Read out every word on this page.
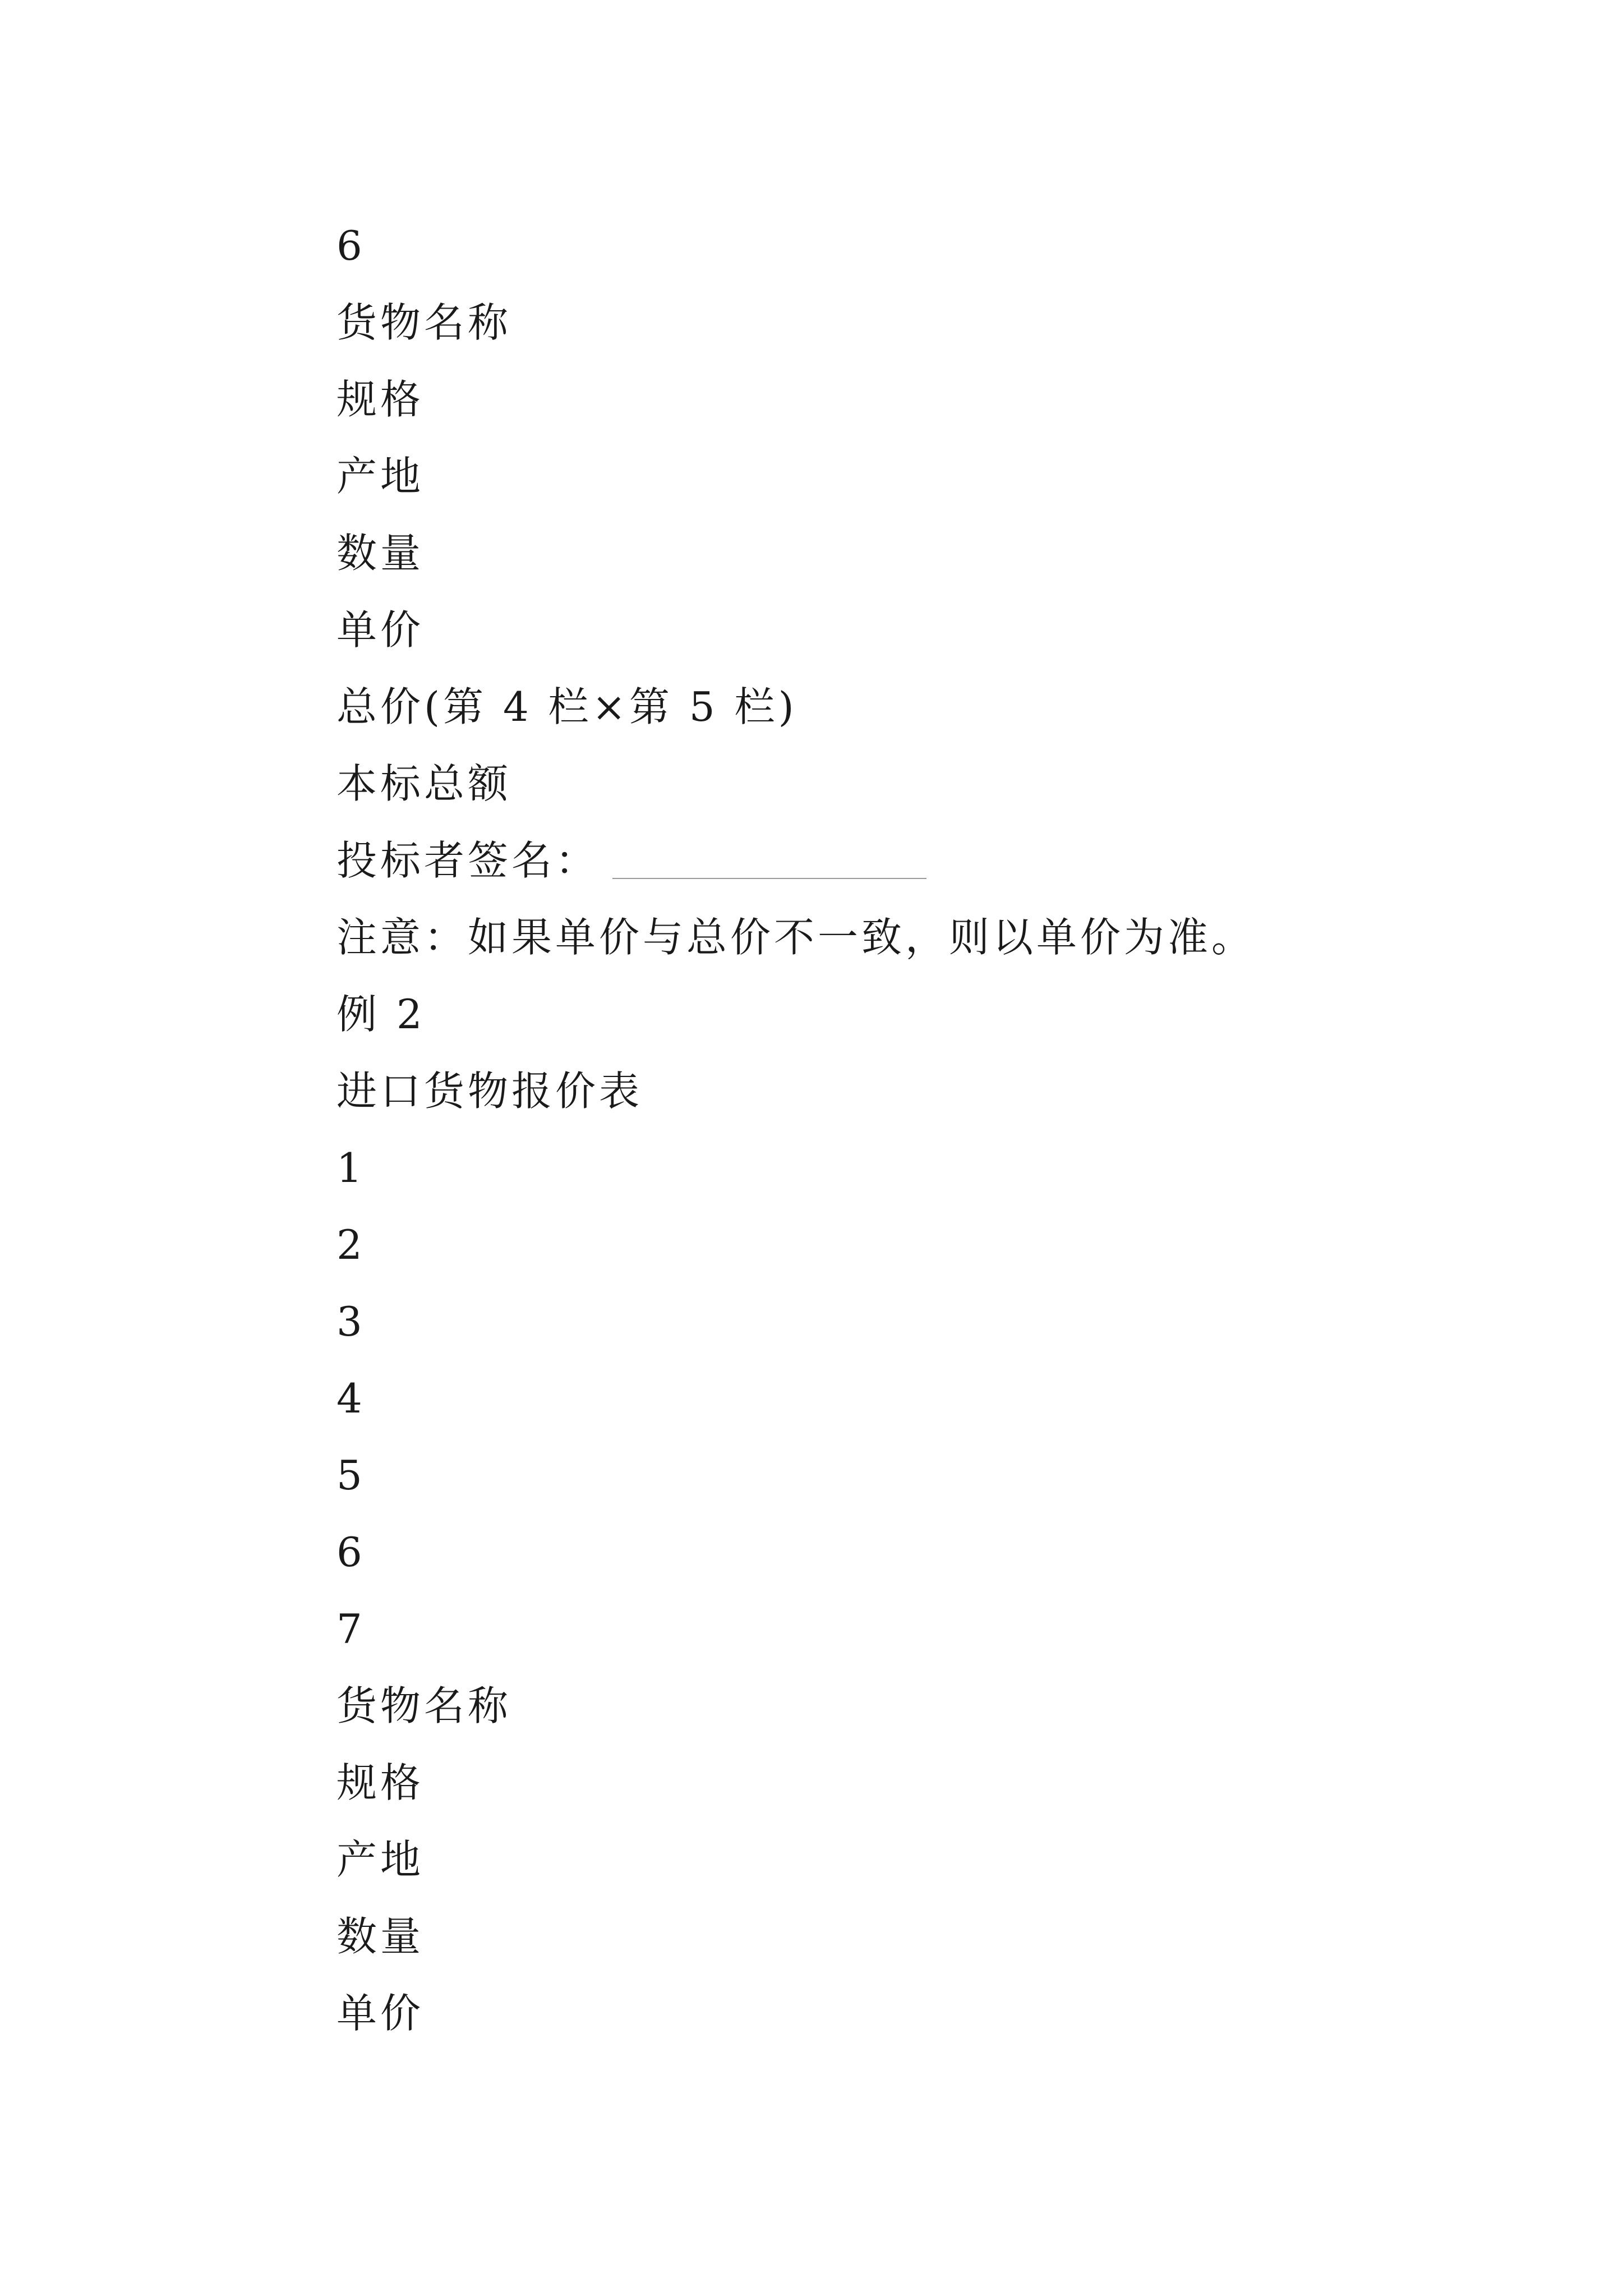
6
货物名称
规格
产地
数量
单价
总价(第 4 栏×第 5 栏)
本标总额
投标者签名：
注意：如果单价与总价不一致，则以单价为准。
例 2
进口货物报价表
1
2
3
4
5
6
7
货物名称
规格
产地
数量
单价
